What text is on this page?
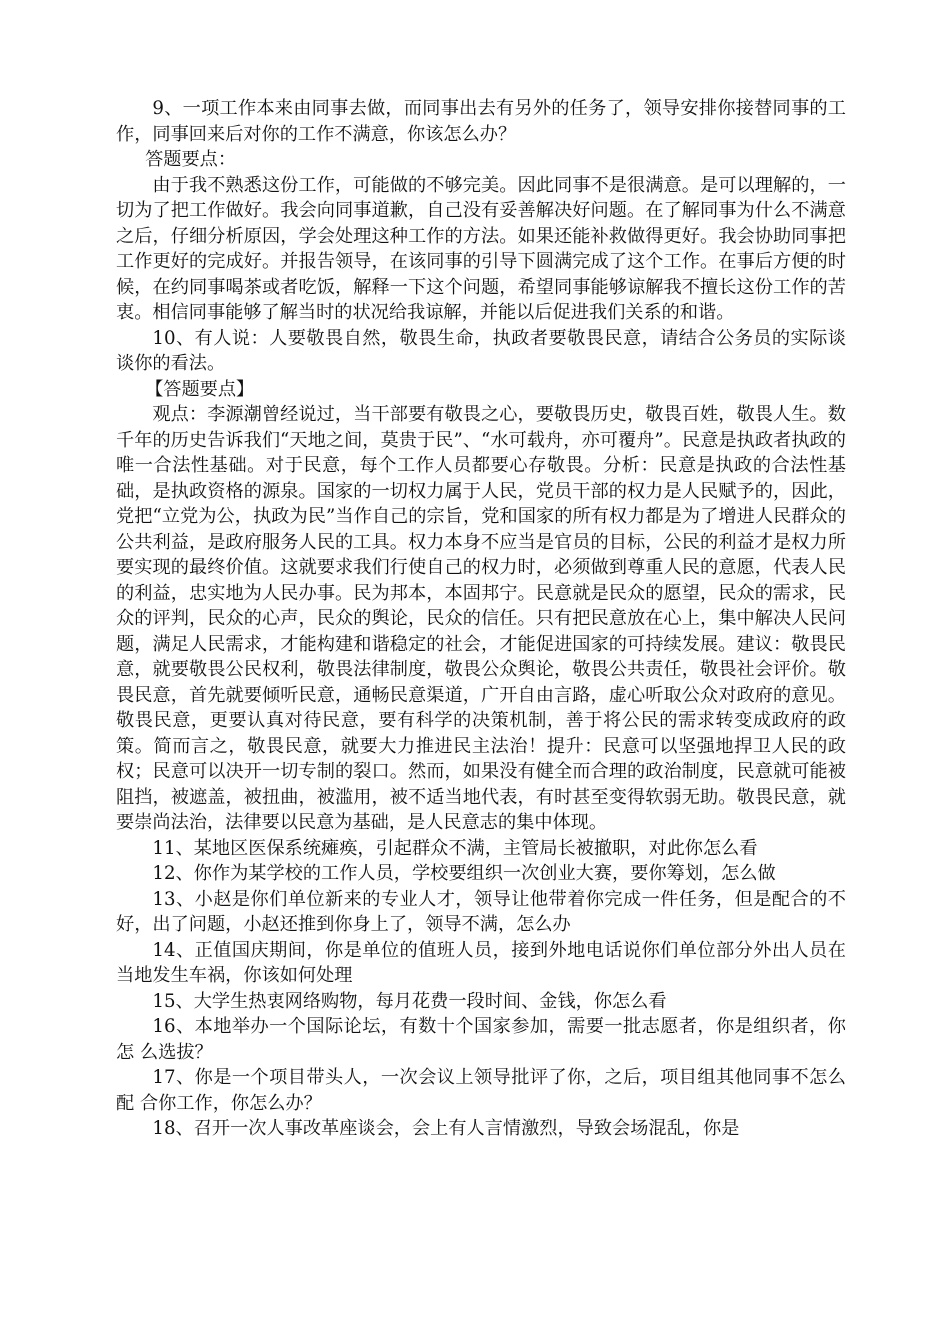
9、一项工作本来由同事去做，而同事出去有另外的任务了，领导安排你接替同事的工 作，同事回来后对你的工作不满意，你该怎么办？

答题要点：

由于我不熟悉这份工作，可能做的不够完美。因此同事不是很满意。是可以理解的，一切为了把工作做好。我会向同事道歉，自己没有妥善解决好问题。在了解同事为什么不满意之后，仔细分析原因，学会处理这种工作的方法。如果还能补救做得更好。我会协助同事把工作更好的完成好。并报告领导，在该同事的引导下圆满完成了这个工作。在事后方便的时候，在约同事喝茶或者吃饭，解释一下这个问题，希望同事能够谅解我不擅长这份工作的苦衷。相信同事能够了解当时的状况给我谅解，并能以后促进我们关系的和谐。

10、有人说：人要敬畏自然，敬畏生命，执政者要敬畏民意，请结合公务员的实际谈谈你的看法。

【答题要点】

观点：李源潮曾经说过，当干部要有敬畏之心，要敬畏历史，敬畏百姓，敬畏人生。数千年的历史告诉我们“天地之间，莫贵于民”、“水可载舟，亦可覆舟”。民意是执政者执政的唯一合法性基础。对于民意，每个工作人员都要心存敬畏。分析：民意是执政的合法性基础，是执政资格的源泉。国家的一切权力属于人民，党员干部的权力是人民赋予的，因此，党把“立党为公，执政为民”当作自己的宗旨，党和国家的所有权力都是为了增进人民群众的公共利益，是政府服务人民的工具。权力本身不应当是官员的目标，公民的利益才是权力所要实现的最终价值。这就要求我们行使自己的权力时，必须做到尊重人民的意愿，代表人民的利益，忠实地为人民办事。民为邦本，本固邦宁。民意就是民众的愿望，民众的需求，民众的评判，民众的心声，民众的舆论，民众的信任。只有把民意放在心上，集中解决人民问题，满足人民需求，才能构建和谐稳定的社会，才能促进国家的可持续发展。建议：敬畏民意，就要敬畏公民权利，敬畏法律制度，敬畏公众舆论，敬畏公共责任，敬畏社会评价。敬畏民意，首先就要倾听民意，通畅民意渠道，广开自由言路，虚心听取公众对政府的意见。敬畏民意，更要认真对待民意，要有科学的决策机制，善于将公民的需求转变成政府的政策。简而言之，敬畏民意，就要大力推进民主法治！提升：民意可以坚强地捍卫人民的政权；民意可以决开一切专制的裂口。然而，如果没有健全而合理的政治制度，民意就可能被阻挡，被遮盖，被扭曲，被滥用，被不适当地代表，有时甚至变得软弱无助。敬畏民意，就要崇尚法治，法律要以民意为基础，是人民意志的集中体现。

11、某地区医保系统瘫痪，引起群众不满，主管局长被撤职，对此你怎么看

12、你作为某学校的工作人员，学校要组织一次创业大赛，要你筹划，怎么做

13、小赵是你们单位新来的专业人才，领导让他带着你完成一件任务，但是配合的不好，出了问题，小赵还推到你身上了，领导不满，怎么办

14、正值国庆期间，你是单位的值班人员，接到外地电话说你们单位部分外出人员在当地发生车祸，你该如何处理

15、大学生热衷网络购物，每月花费一段时间、金钱，你怎么看

16、本地举办一个国际论坛，有数十个国家参加，需要一批志愿者，你是组织者，你怎 么选拔？

17、你是一个项目带头人，一次会议上领导批评了你，之后，项目组其他同事不怎么配 合你工作，你怎么办？

18、召开一次人事改革座谈会，会上有人言情激烈，导致会场混乱，你是
